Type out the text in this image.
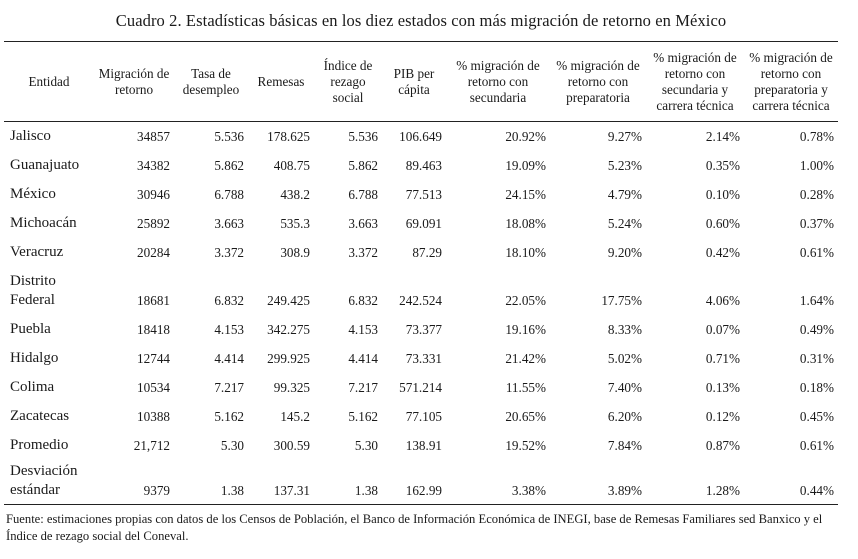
Cuadro 2. Estadísticas básicas en los diez estados con más migración de retorno en México
Entidad	Migración de retorno	Tasa de desempleo	Remesas	Índice de rezago social	PIB per cápita	% migración de retorno con secundaria	% migración de retorno con preparatoria	% migración de retorno con secundaria y carrera técnica	% migración de retorno con preparatoria y carrera técnica
Jalisco	34857	5.536	178.625	5.536	106.649	20.92%	9.27%	2.14%	0.78%
Guanajuato	34382	5.862	408.75	5.862	89.463	19.09%	5.23%	0.35%	1.00%
México	30946	6.788	438.2	6.788	77.513	24.15%	4.79%	0.10%	0.28%
Michoacán	25892	3.663	535.3	3.663	69.091	18.08%	5.24%	0.60%	0.37%
Veracruz	20284	3.372	308.9	3.372	87.29	18.10%	9.20%	0.42%	0.61%
Distrito Federal	18681	6.832	249.425	6.832	242.524	22.05%	17.75%	4.06%	1.64%
Puebla	18418	4.153	342.275	4.153	73.377	19.16%	8.33%	0.07%	0.49%
Hidalgo	12744	4.414	299.925	4.414	73.331	21.42%	5.02%	0.71%	0.31%
Colima	10534	7.217	99.325	7.217	571.214	11.55%	7.40%	0.13%	0.18%
Zacatecas	10388	5.162	145.2	5.162	77.105	20.65%	6.20%	0.12%	0.45%
Promedio	21,712	5.30	300.59	5.30	138.91	19.52%	7.84%	0.87%	0.61%
Desviación estándar	9379	1.38	137.31	1.38	162.99	3.38%	3.89%	1.28%	0.44%
Fuente: estimaciones propias con datos de los Censos de Población, el Banco de Información Económica de INEGI, base de Remesas Familiares sed Banxico y el Índice de rezago social del Coneval.
